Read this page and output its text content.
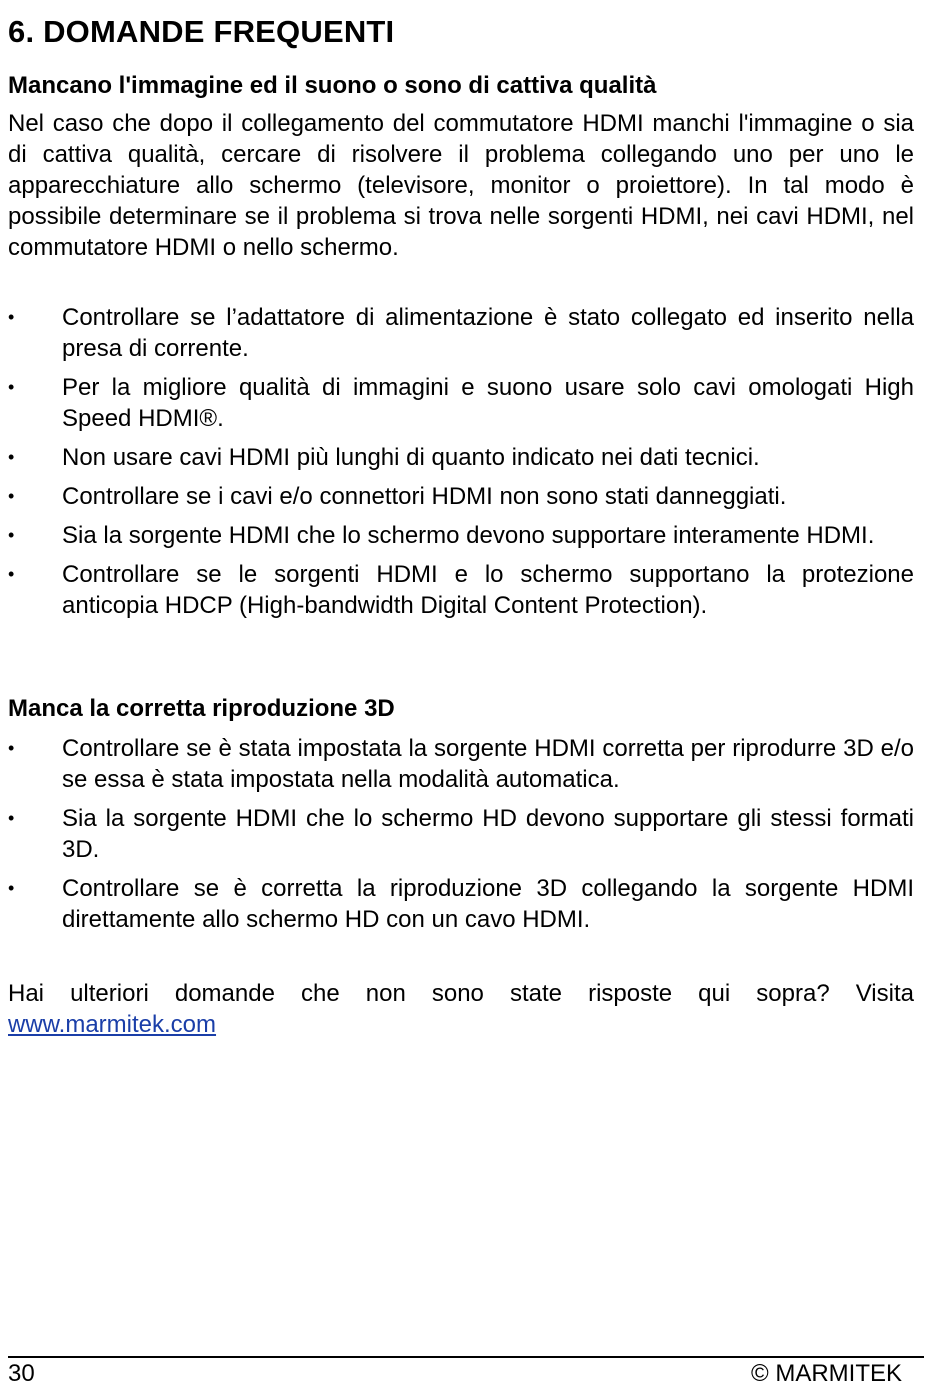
6. DOMANDE FREQUENTI
Mancano l'immagine ed il suono o sono di cattiva qualità

Nel caso che dopo il collegamento del commutatore HDMI manchi l'immagine o sia di cattiva qualità, cercare di risolvere il problema collegando uno per uno le apparecchiature allo schermo (televisore, monitor o proiettore). In tal modo è possibile determinare se il problema si trova nelle sorgenti HDMI, nei cavi HDMI, nel commutatore HDMI o nello schermo.

• Controllare se l’adattatore di alimentazione è stato collegato ed inserito nella presa di corrente.
• Per la migliore qualità di immagini e suono usare solo cavi omologati High Speed HDMI®.
• Non usare cavi HDMI più lunghi di quanto indicato nei dati tecnici.
• Controllare se i cavi e/o connettori HDMI non sono stati danneggiati.
• Sia la sorgente HDMI che lo schermo devono supportare interamente HDMI.
• Controllare se le sorgenti HDMI e lo schermo supportano la protezione anticopia HDCP (High-bandwidth Digital Content Protection).
Manca la corretta riproduzione 3D
• Controllare se è stata impostata la sorgente HDMI corretta per riprodurre 3D e/o se essa è stata impostata nella modalità automatica.
• Sia la sorgente HDMI che lo schermo HD devono supportare gli stessi formati 3D.
• Controllare se è corretta la riproduzione 3D collegando la sorgente HDMI direttamente allo schermo HD con un cavo HDMI.

Hai ulteriori domande che non sono state risposte qui sopra? Visita www.marmitek.com

30	© MARMITEK
